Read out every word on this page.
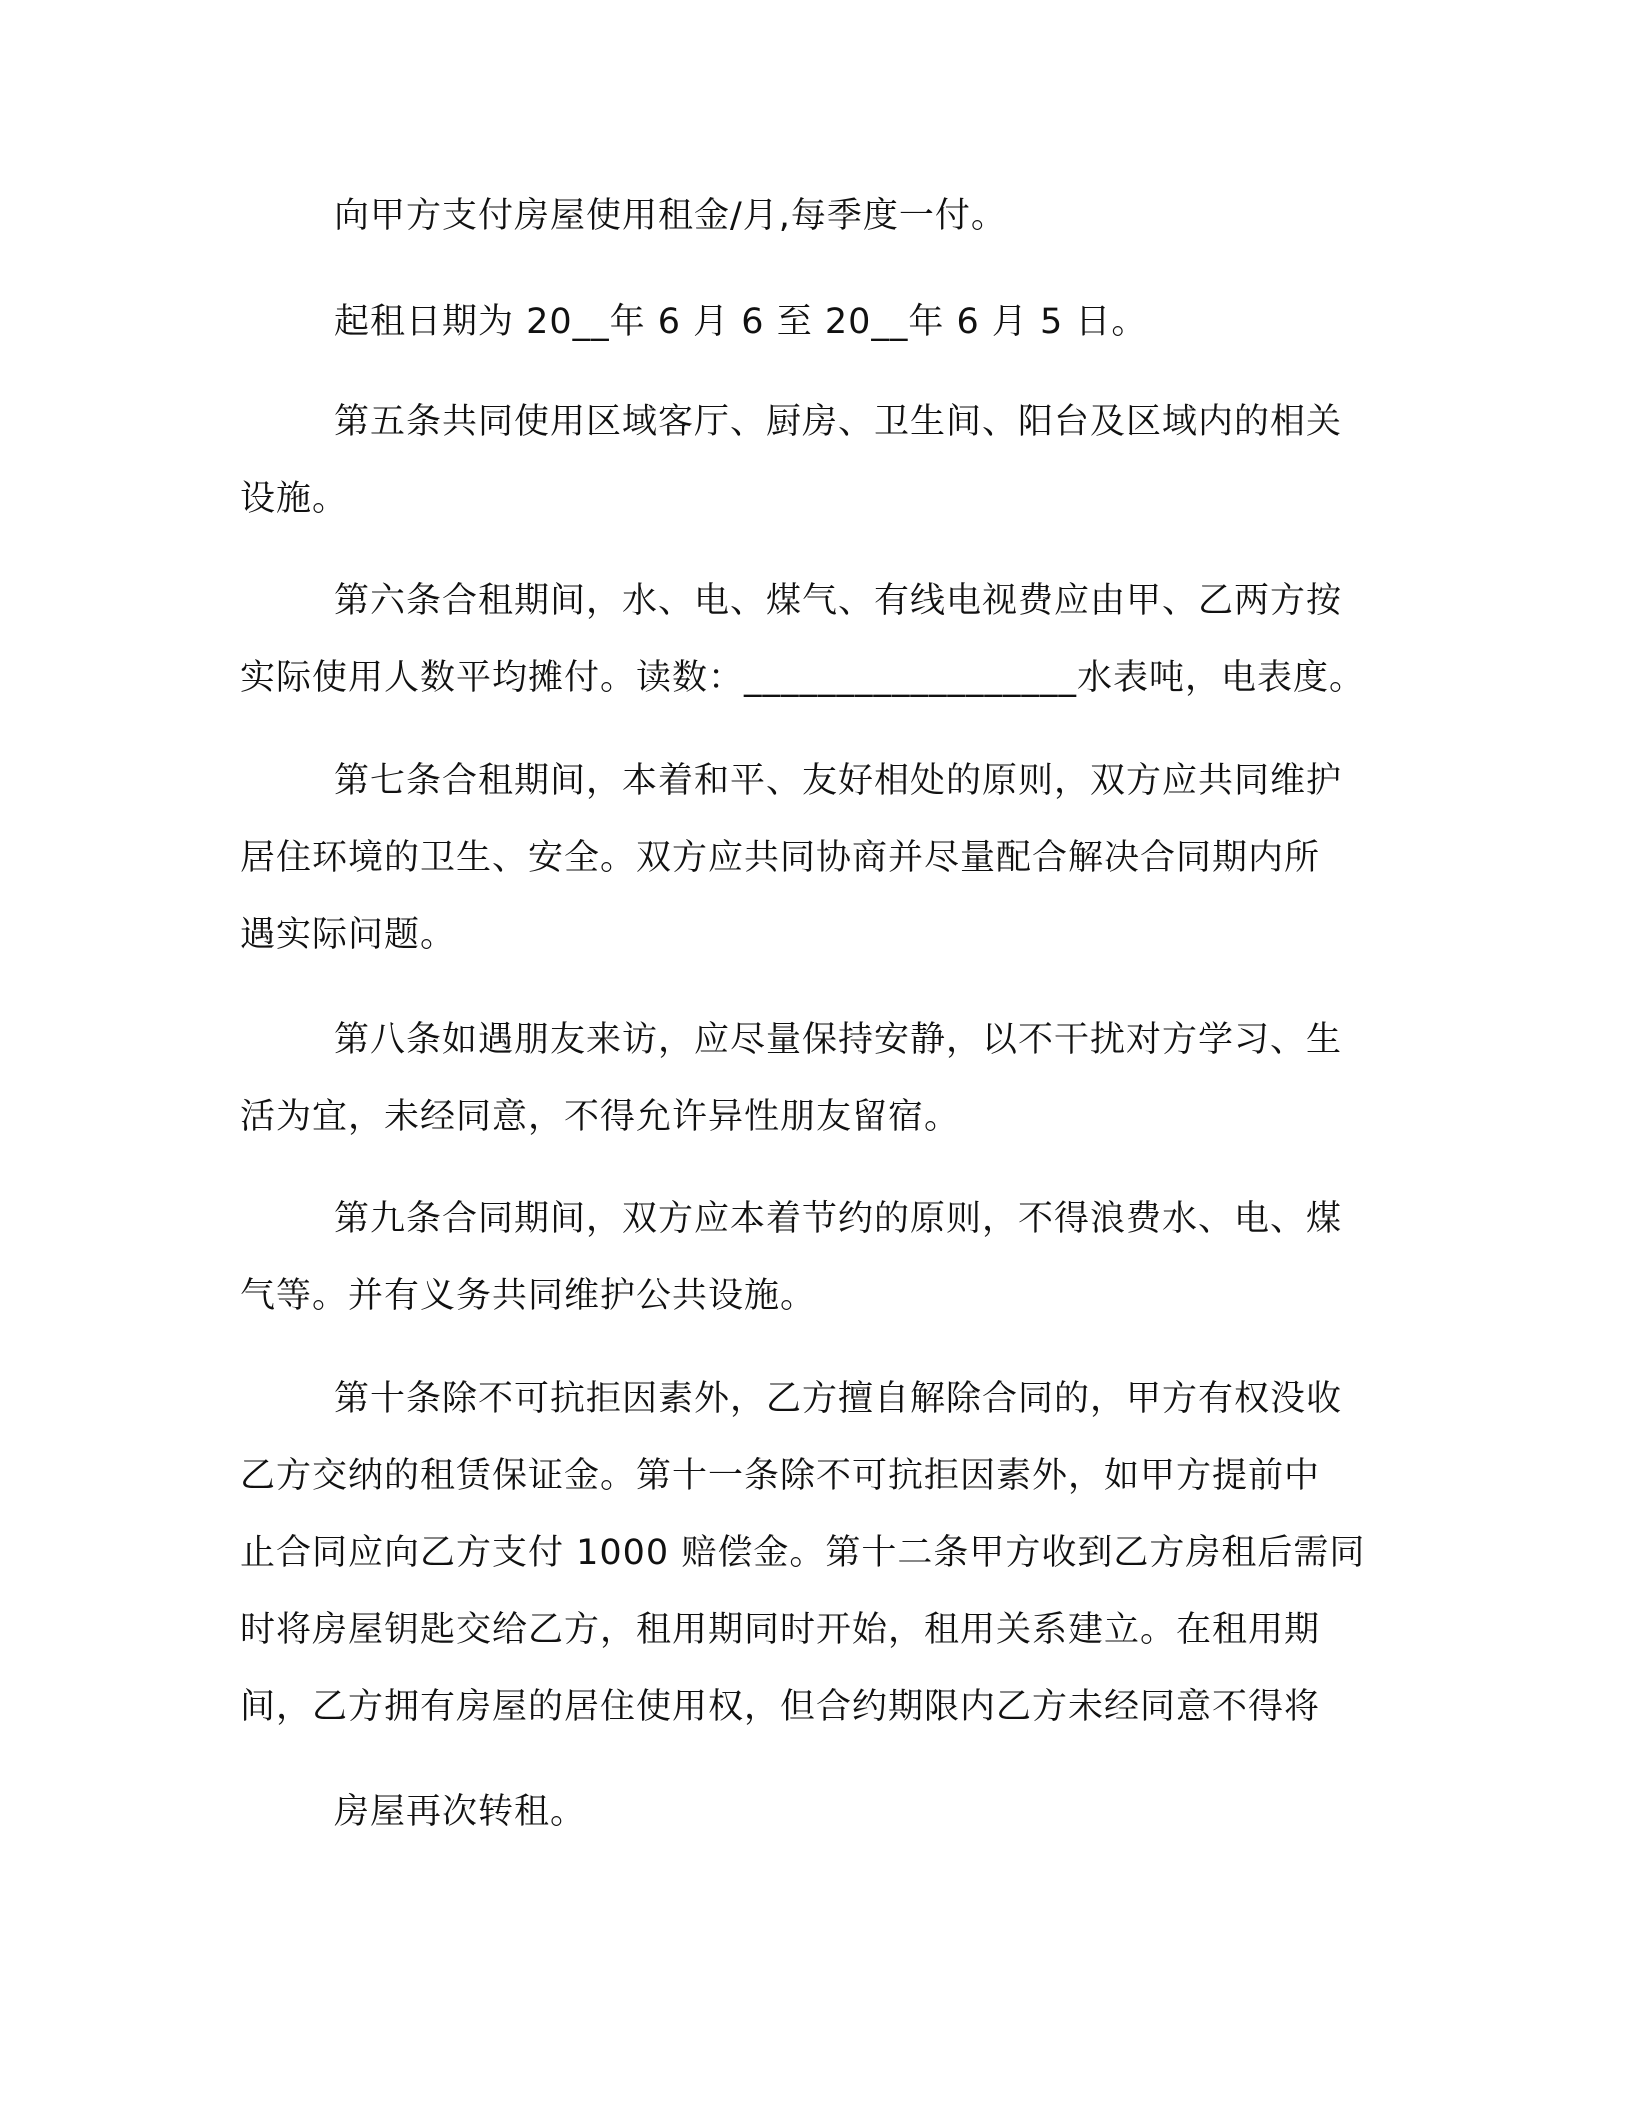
向甲方支付房屋使用租金/月,每季度一付。

起租日期为 20__年 6 月 6 至 20__年 6 月 5 日。

第五条共同使用区域客厅、厨房、卫生间、阳台及区域内的相关
设施。

第六条合租期间，水、电、煤气、有线电视费应由甲、乙两方按
实际使用人数平均摊付。读数：__________________水表吨，电表度。

第七条合租期间，本着和平、友好相处的原则，双方应共同维护
居住环境的卫生、安全。双方应共同协商并尽量配合解决合同期内所
遇实际问题。

第八条如遇朋友来访，应尽量保持安静，以不干扰对方学习、生
活为宜，未经同意，不得允许异性朋友留宿。

第九条合同期间，双方应本着节约的原则，不得浪费水、电、煤
气等。并有义务共同维护公共设施。

第十条除不可抗拒因素外，乙方擅自解除合同的，甲方有权没收
乙方交纳的租赁保证金。第十一条除不可抗拒因素外，如甲方提前中
止合同应向乙方支付 1000 赔偿金。第十二条甲方收到乙方房租后需同
时将房屋钥匙交给乙方，租用期同时开始，租用关系建立。在租用期
间，乙方拥有房屋的居住使用权，但合约期限内乙方未经同意不得将

房屋再次转租。
